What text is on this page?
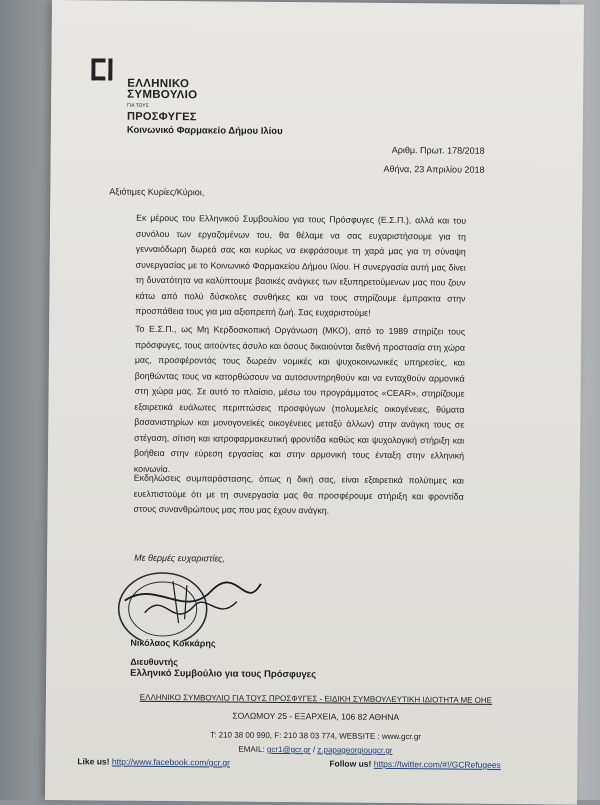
ΕΛΛΗΝΙΚΟ
ΣΥΜΒΟΥΛΙΟ
ΓΙΑ ΤΟΥΣ ΠΡΟΣΦΥΓΕΣ
Κοινωνικό Φαρμακείο Δήμου Ιλίου
Αριθμ. Πρωτ. 178/2018
Αθήνα, 23 Απριλίου 2018
Αξιότιμες Κυρίες/Κύριοι,
Εκ μέρους του Ελληνικού Συμβουλίου για τους Πρόσφυγες (Ε.Σ.Π.), αλλά και του συνόλου των εργαζομένων του, θα θέλαμε να σας ευχαριστήσουμε για τη γενναιόδωρη δωρεά σας και κυρίως να εκφράσουμε τη χαρά μας για τη σύναψη συνεργασίας με το Κοινωνικό Φαρμακείου Δήμου Ιλίου. Η συνεργασία αυτή μας δίνει τη δυνατότητα να καλύπτουμε βασικές ανάγκες των εξυπηρετούμενων μας που ζουν κάτω από πολύ δύσκολες συνθήκες και να τους στηρίζουμε έμπρακτα στην προσπάθεια τους για μια αξιοπρεπή ζωή. Σας ευχαριστούμε!
Το Ε.Σ.Π., ως Μη Κερδοσκοπική Οργάνωση (ΜΚΟ), από το 1989 στηρίζει τους πρόσφυγες, τους αιτούντες άσυλο και όσους δικαιούνται διεθνή προστασία στη χώρα μας, προσφέροντάς τους δωρεάν νομικές και ψυχοκοινωνικές υπηρεσίες, και βοηθώντας τους να κατορθώσουν να αυτοσυντηρηθούν και να ενταχθούν αρμονικά στη χώρα μας. Σε αυτό το πλαίσιο, μέσω του προγράμματος «CEAR», στηρίζουμε εξαιρετικά ευάλωτες περιπτώσεις προσφύγων (πολυμελείς οικογένειες, θύματα βασανιστηρίων και μονογονεϊκές οικογένειες μεταξύ άλλων) στην ανάγκη τους σε στέγαση, σίτιση και ιατροφαρμακευτική φροντίδα καθώς και ψυχολογική στήριξη και βοήθεια στην εύρεση εργασίας και στην αρμονική τους ένταξη στην ελληνική κοινωνία.
Εκδηλώσεις συμπαράστασης, όπως η δική σας, είναι εξαιρετικά πολύτιμες και ευελπιστούμε ότι με τη συνεργασία μας θα προσφέρουμε στήριξη και φροντίδα στους συνανθρώπους μας που μας έχουν ανάγκη.
Με θερμές ευχαριστίες,
Νικόλαος Κοκκάρης
Διευθυντής
Ελληνικό Συμβούλιο για τους Πρόσφυγες
ΕΛΛΗΝΙΚΟ ΣΥΜΒΟΥΛΙΟ ΓΙΑ ΤΟΥΣ ΠΡΟΣΦΥΓΕΣ - ΕΙΔΙΚΗ ΣΥΜΒΟΥΛΕΥΤΙΚΗ ΙΔΙΟΤΗΤΑ ΜΕ ΟΗΕ
ΣΟΛΩΜΟΥ 25 - ΕΞΑΡΧΕΙΑ, 106 82 ΑΘΗΝΑ
T: 210 38 00 990, F: 210 38 03 774, WEBSITE : www.gcr.gr
EMAIL: gcr1@gcr.gr / z.papageorgiougcr.gr
Like us! http://www.facebook.com/gcr.gr	Follow us! https://twitter.com/#!/GCRefugees
